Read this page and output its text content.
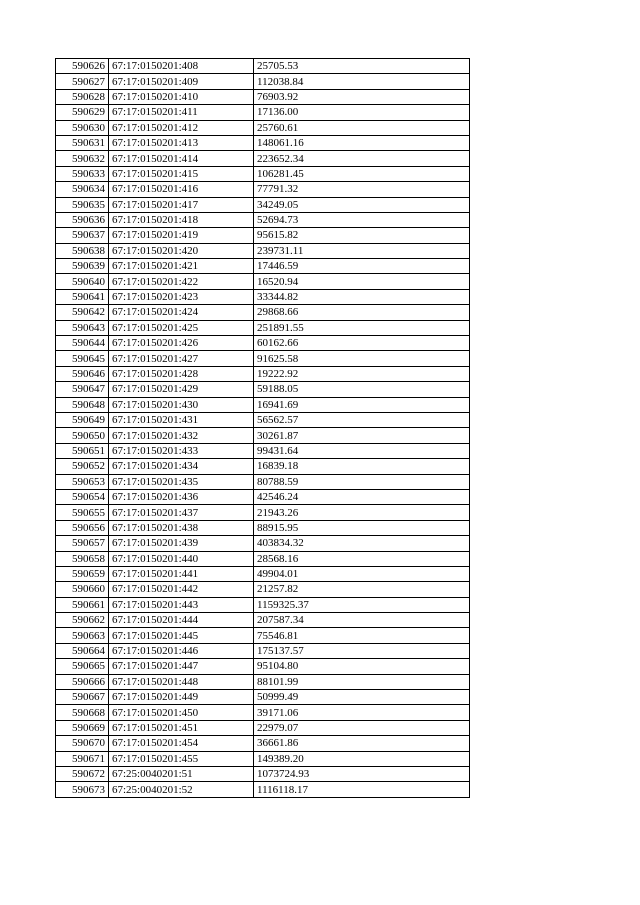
590626	67:17:0150201:408	25705.53
590627	67:17:0150201:409	112038.84
590628	67:17:0150201:410	76903.92
590629	67:17:0150201:411	17136.00
590630	67:17:0150201:412	25760.61
590631	67:17:0150201:413	148061.16
590632	67:17:0150201:414	223652.34
590633	67:17:0150201:415	106281.45
590634	67:17:0150201:416	77791.32
590635	67:17:0150201:417	34249.05
590636	67:17:0150201:418	52694.73
590637	67:17:0150201:419	95615.82
590638	67:17:0150201:420	239731.11
590639	67:17:0150201:421	17446.59
590640	67:17:0150201:422	16520.94
590641	67:17:0150201:423	33344.82
590642	67:17:0150201:424	29868.66
590643	67:17:0150201:425	251891.55
590644	67:17:0150201:426	60162.66
590645	67:17:0150201:427	91625.58
590646	67:17:0150201:428	19222.92
590647	67:17:0150201:429	59188.05
590648	67:17:0150201:430	16941.69
590649	67:17:0150201:431	56562.57
590650	67:17:0150201:432	30261.87
590651	67:17:0150201:433	99431.64
590652	67:17:0150201:434	16839.18
590653	67:17:0150201:435	80788.59
590654	67:17:0150201:436	42546.24
590655	67:17:0150201:437	21943.26
590656	67:17:0150201:438	88915.95
590657	67:17:0150201:439	403834.32
590658	67:17:0150201:440	28568.16
590659	67:17:0150201:441	49904.01
590660	67:17:0150201:442	21257.82
590661	67:17:0150201:443	1159325.37
590662	67:17:0150201:444	207587.34
590663	67:17:0150201:445	75546.81
590664	67:17:0150201:446	175137.57
590665	67:17:0150201:447	95104.80
590666	67:17:0150201:448	88101.99
590667	67:17:0150201:449	50999.49
590668	67:17:0150201:450	39171.06
590669	67:17:0150201:451	22979.07
590670	67:17:0150201:454	36661.86
590671	67:17:0150201:455	149389.20
590672	67:25:0040201:51	1073724.93
590673	67:25:0040201:52	1116118.17
